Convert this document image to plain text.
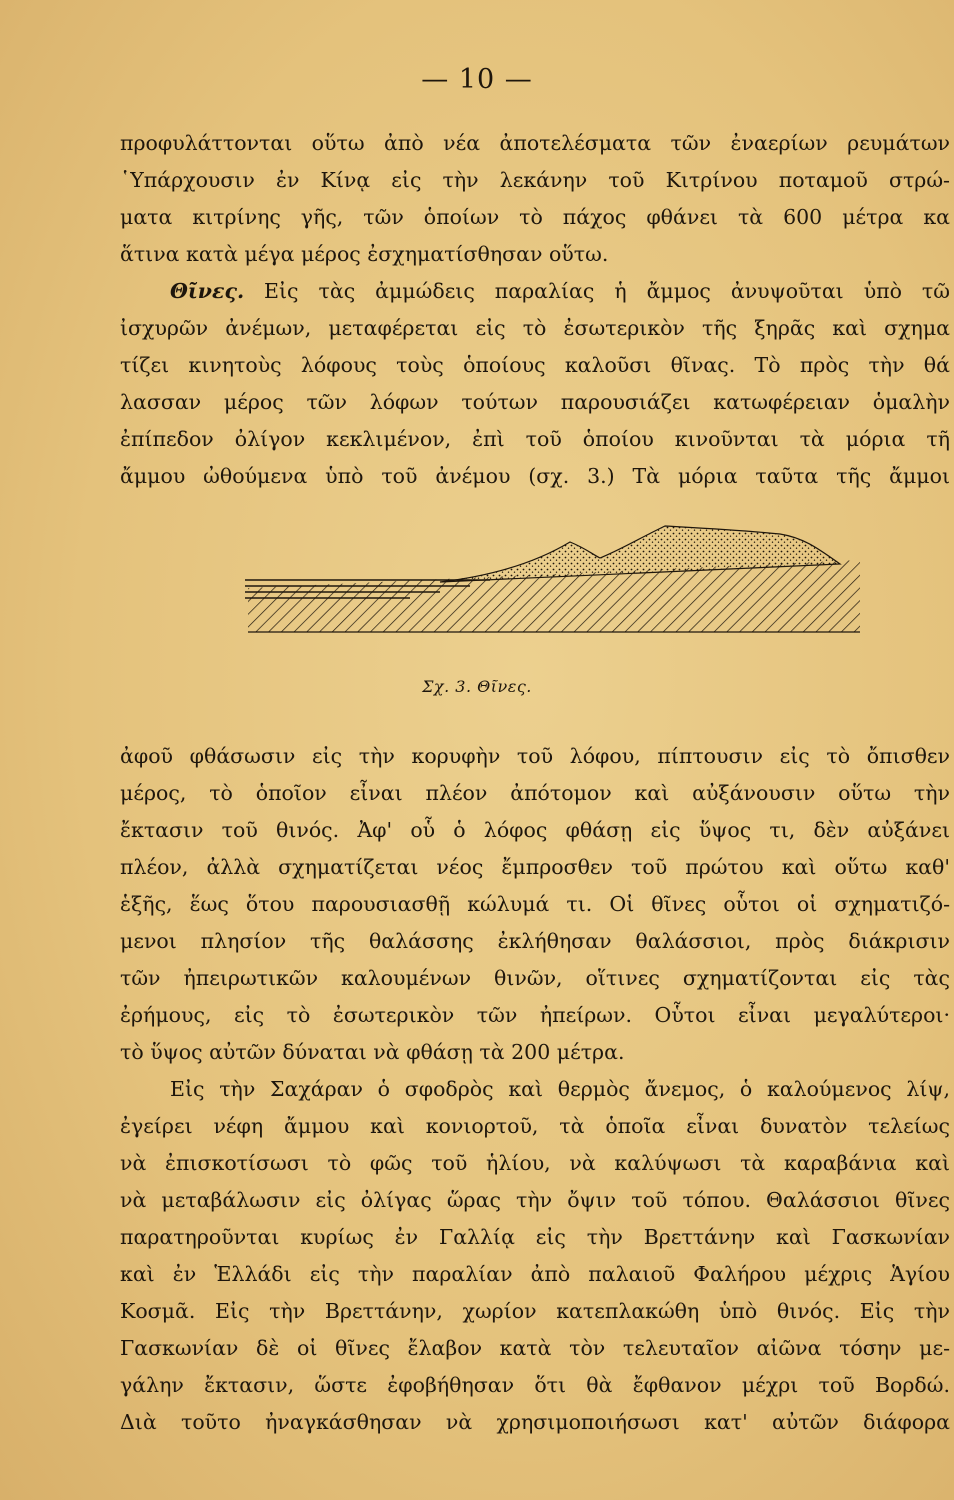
— 10 —
προφυλάττονται οὕτω ἀπὸ νέα ἀποτελέσματα τῶν ἐναερίων ρευμάτων
῾Υπάρχουσιν ἐν Κίνᾳ εἰς τὴν λεκάνην τοῦ Κιτρίνου ποταμοῦ στρώ-
ματα κιτρίνης γῆς, τῶν ὁποίων τὸ πάχος φθάνει τὰ 600 μέτρα κα
ἅτινα κατὰ μέγα μέρος ἐσχηματίσθησαν οὕτω.
Θῖνες. Εἰς τὰς ἀμμώδεις παραλίας ἡ ἄμμος ἀνυψοῦται ὑπὸ τῶ
ἰσχυρῶν ἀνέμων, μεταφέρεται εἰς τὸ ἐσωτερικὸν τῆς ξηρᾶς καὶ σχημα
τίζει κινητοὺς λόφους τοὺς ὁποίους καλοῦσι θῖνας. Τὸ πρὸς τὴν θά
λασσαν μέρος τῶν λόφων τούτων παρουσιάζει κατωφέρειαν ὁμαλὴν
ἐπίπεδον ὀλίγον κεκλιμένον, ἐπὶ τοῦ ὁποίου κινοῦνται τὰ μόρια τῆ
ἄμμου ὠθούμενα ὑπὸ τοῦ ἀνέμου (σχ. 3.) Τὰ μόρια ταῦτα τῆς ἄμμοι
Σχ. 3. Θῖνες.
ἀφοῦ φθάσωσιν εἰς τὴν κορυφὴν τοῦ λόφου, πίπτουσιν εἰς τὸ ὄπισθεν
μέρος, τὸ ὁποῖον εἶναι πλέον ἀπότομον καὶ αὐξάνουσιν οὕτω τὴν
ἔκτασιν τοῦ θινός. Ἀφ' οὗ ὁ λόφος φθάσῃ εἰς ὕψος τι, δὲν αὐξάνει
πλέον, ἀλλὰ σχηματίζεται νέος ἔμπροσθεν τοῦ πρώτου καὶ οὕτω καθ'
ἑξῆς, ἕως ὅτου παρουσιασθῇ κώλυμά τι. Οἱ θῖνες οὗτοι οἱ σχηματιζό-
μενοι πλησίον τῆς θαλάσσης ἐκλήθησαν θαλάσσιοι, πρὸς διάκρισιν
τῶν ἠπειρωτικῶν καλουμένων θινῶν, οἵτινες σχηματίζονται εἰς τὰς
ἐρήμους, εἰς τὸ ἐσωτερικὸν τῶν ἠπείρων. Οὗτοι εἶναι μεγαλύτεροι·
τὸ ὕψος αὐτῶν δύναται νὰ φθάσῃ τὰ 200 μέτρα.
Εἰς τὴν Σαχάραν ὁ σφοδρὸς καὶ θερμὸς ἄνεμος, ὁ καλούμενος λίψ,
ἐγείρει νέφη ἄμμου καὶ κονιορτοῦ, τὰ ὁποῖα εἶναι δυνατὸν τελείως
νὰ ἐπισκοτίσωσι τὸ φῶς τοῦ ἡλίου, νὰ καλύψωσι τὰ καραβάνια καὶ
νὰ μεταβάλωσιν εἰς ὀλίγας ὥρας τὴν ὄψιν τοῦ τόπου. Θαλάσσιοι θῖνες
παρατηροῦνται κυρίως ἐν Γαλλίᾳ εἰς τὴν Βρεττάνην καὶ Γασκωνίαν
καὶ ἐν Ἑλλάδι εἰς τὴν παραλίαν ἀπὸ παλαιοῦ Φαλήρου μέχρις Ἁγίου
Κοσμᾶ. Εἰς τὴν Βρεττάνην, χωρίον κατεπλακώθη ὑπὸ θινός. Εἰς τὴν
Γασκωνίαν δὲ οἱ θῖνες ἔλαβον κατὰ τὸν τελευταῖον αἰῶνα τόσην με-
γάλην ἔκτασιν, ὥστε ἐφοβήθησαν ὅτι θὰ ἔφθανον μέχρι τοῦ Βορδώ.
Διὰ τοῦτο ἠναγκάσθησαν νὰ χρησιμοποιήσωσι κατ' αὐτῶν διάφορα
